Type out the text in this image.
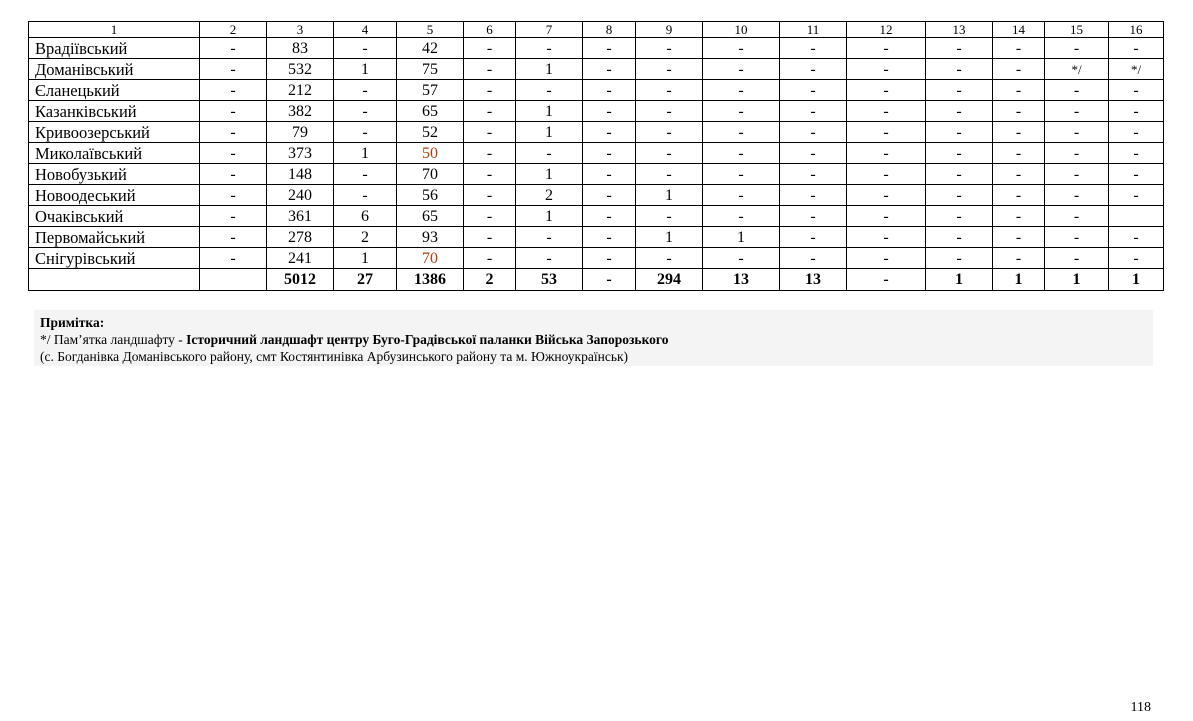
1	2	3	4	5	6	7	8	9	10	11	12	13	14	15	16
Врадіївський	-	83	-	42	-	-	-	-	-	-	-	-	-	-	-
Доманівський	-	532	1	75	-	1	-	-	-	-	-	-	-	*/	*/
Єланецький	-	212	-	57	-	-	-	-	-	-	-	-	-	-	-
Казанківський	-	382	-	65	-	1	-	-	-	-	-	-	-	-	-
Кривоозерський	-	79	-	52	-	1	-	-	-	-	-	-	-	-	-
Миколаївський	-	373	1	50	-	-	-	-	-	-	-	-	-	-	-
Новобузький	-	148	-	70	-	1	-	-	-	-	-	-	-	-	-
Новоодеський	-	240	-	56	-	2	-	1	-	-	-	-	-	-	-
Очаківський	-	361	6	65	-	1	-	-	-	-	-	-	-	-	
Первомайський	-	278	2	93	-	-	-	1	1	-	-	-	-	-	-
Снігурівський	-	241	1	70	-	-	-	-	-	-	-	-	-	-	-
		5012	27	1386	2	53	-	294	13	13	-	1	1	1	1
Примітка:
*/ Пам’ятка ландшафту - Історичний ландшафт центру Буго-Градівської паланки Війська Запорозького
(с. Богданівка Доманівського району, смт Костянтинівка Арбузинського району та м. Южноукраїнськ)
118
